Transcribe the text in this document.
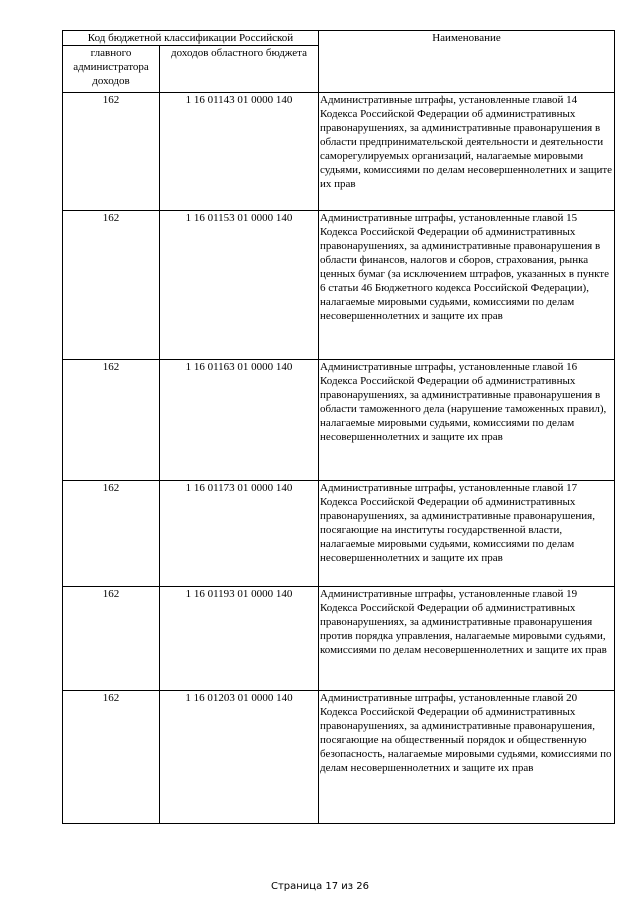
Код бюджетной классификации Российской		Наименование
главного администратора доходов	доходов областного бюджета	
162	1 16 01143 01 0000 140	Административные штрафы, установленные главой 14 Кодекса Российской Федерации об административных правонарушениях, за административные правонарушения в области предпринимательской деятельности и деятельности саморегулируемых организаций, налагаемые мировыми судьями, комиссиями по делам несовершеннолетних и защите их прав
162	1 16 01153 01 0000 140	Административные штрафы, установленные главой 15 Кодекса Российской Федерации об административных правонарушениях, за административные правонарушения в области финансов, налогов и сборов, страхования, рынка ценных бумаг (за исключением штрафов, указанных в пункте 6 статьи 46 Бюджетного кодекса Российской Федерации), налагаемые мировыми судьями, комиссиями по делам несовершеннолетних и защите их прав
162	1 16 01163 01 0000 140	Административные штрафы, установленные главой 16 Кодекса Российской Федерации об административных правонарушениях, за административные правонарушения в области таможенного дела (нарушение таможенных правил), налагаемые мировыми судьями, комиссиями по делам несовершеннолетних и защите их прав
162	1 16 01173 01 0000 140	Административные штрафы, установленные главой 17 Кодекса Российской Федерации об административных правонарушениях, за административные правонарушения, посягающие на институты государственной власти, налагаемые мировыми судьями, комиссиями по делам несовершеннолетних и защите их прав
162	1 16 01193 01 0000 140	Административные штрафы, установленные главой 19 Кодекса Российской Федерации об административных правонарушениях, за административные правонарушения против порядка управления, налагаемые мировыми судьями, комиссиями по делам несовершеннолетних и защите их прав
162	1 16 01203 01 0000 140	Административные штрафы, установленные главой 20 Кодекса Российской Федерации об административных правонарушениях, за административные правонарушения, посягающие на общественный порядок и общественную безопасность, налагаемые мировыми судьями, комиссиями по делам несовершеннолетних и защите их прав
Страница 17 из 26
